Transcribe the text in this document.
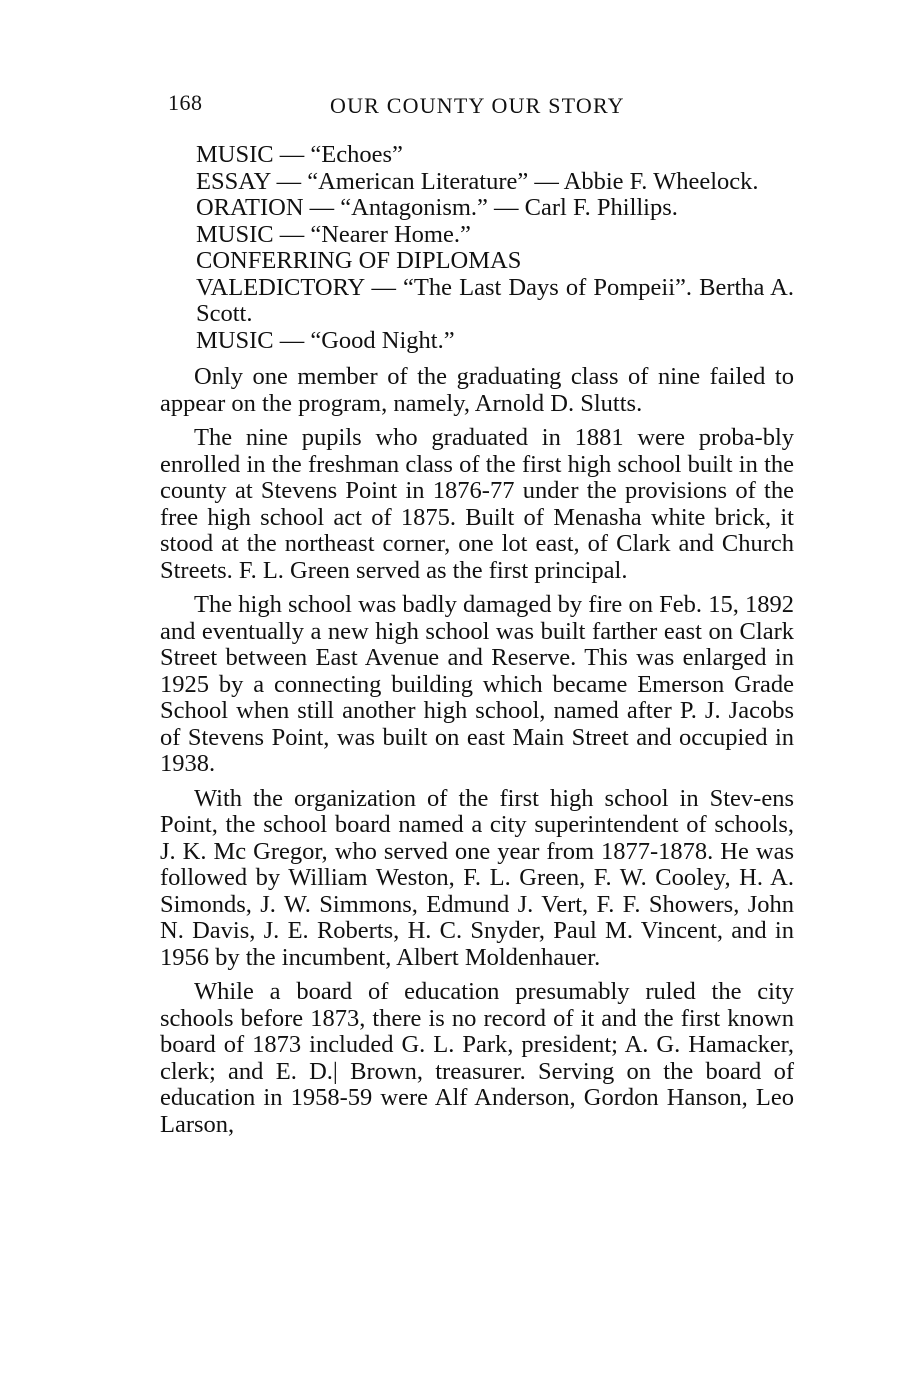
168	OUR COUNTY OUR STORY
MUSIC — “Echoes”
ESSAY — “American Literature” — Abbie F. Wheelock.
ORATION — “Antagonism.” — Carl F. Phillips.
MUSIC — “Nearer Home.”
CONFERRING OF DIPLOMAS
VALEDICTORY — “The Last Days of Pompeii”. Bertha A. Scott.
MUSIC — “Good Night.”

Only one member of the graduating class of nine failed to appear on the program, namely, Arnold D. Slutts.

The nine pupils who graduated in 1881 were proba-bly enrolled in the freshman class of the first high school built in the county at Stevens Point in 1876-77 under the provisions of the free high school act of 1875. Built of Menasha white brick, it stood at the northeast corner, one lot east, of Clark and Church Streets. F. L. Green served as the first principal.

The high school was badly damaged by fire on Feb. 15, 1892 and eventually a new high school was built farther east on Clark Street between East Avenue and Reserve. This was enlarged in 1925 by a connecting building which became Emerson Grade School when still another high school, named after P. J. Jacobs of Stevens Point, was built on east Main Street and occupied in 1938.

With the organization of the first high school in Stev-ens Point, the school board named a city superintendent of schools, J. K. Mc Gregor, who served one year from 1877-1878. He was followed by William Weston, F. L. Green, F. W. Cooley, H. A. Simonds, J. W. Simmons, Edmund J. Vert, F. F. Showers, John N. Davis, J. E. Roberts, H. C. Snyder, Paul M. Vincent, and in 1956 by the incumbent, Albert Moldenhauer.

While a board of education presumably ruled the city schools before 1873, there is no record of it and the first known board of 1873 included G. L. Park, president; A. G. Hamacker, clerk; and E. D.| Brown, treasurer. Serving on the board of education in 1958-59 were Alf Anderson, Gordon Hanson, Leo Larson,
